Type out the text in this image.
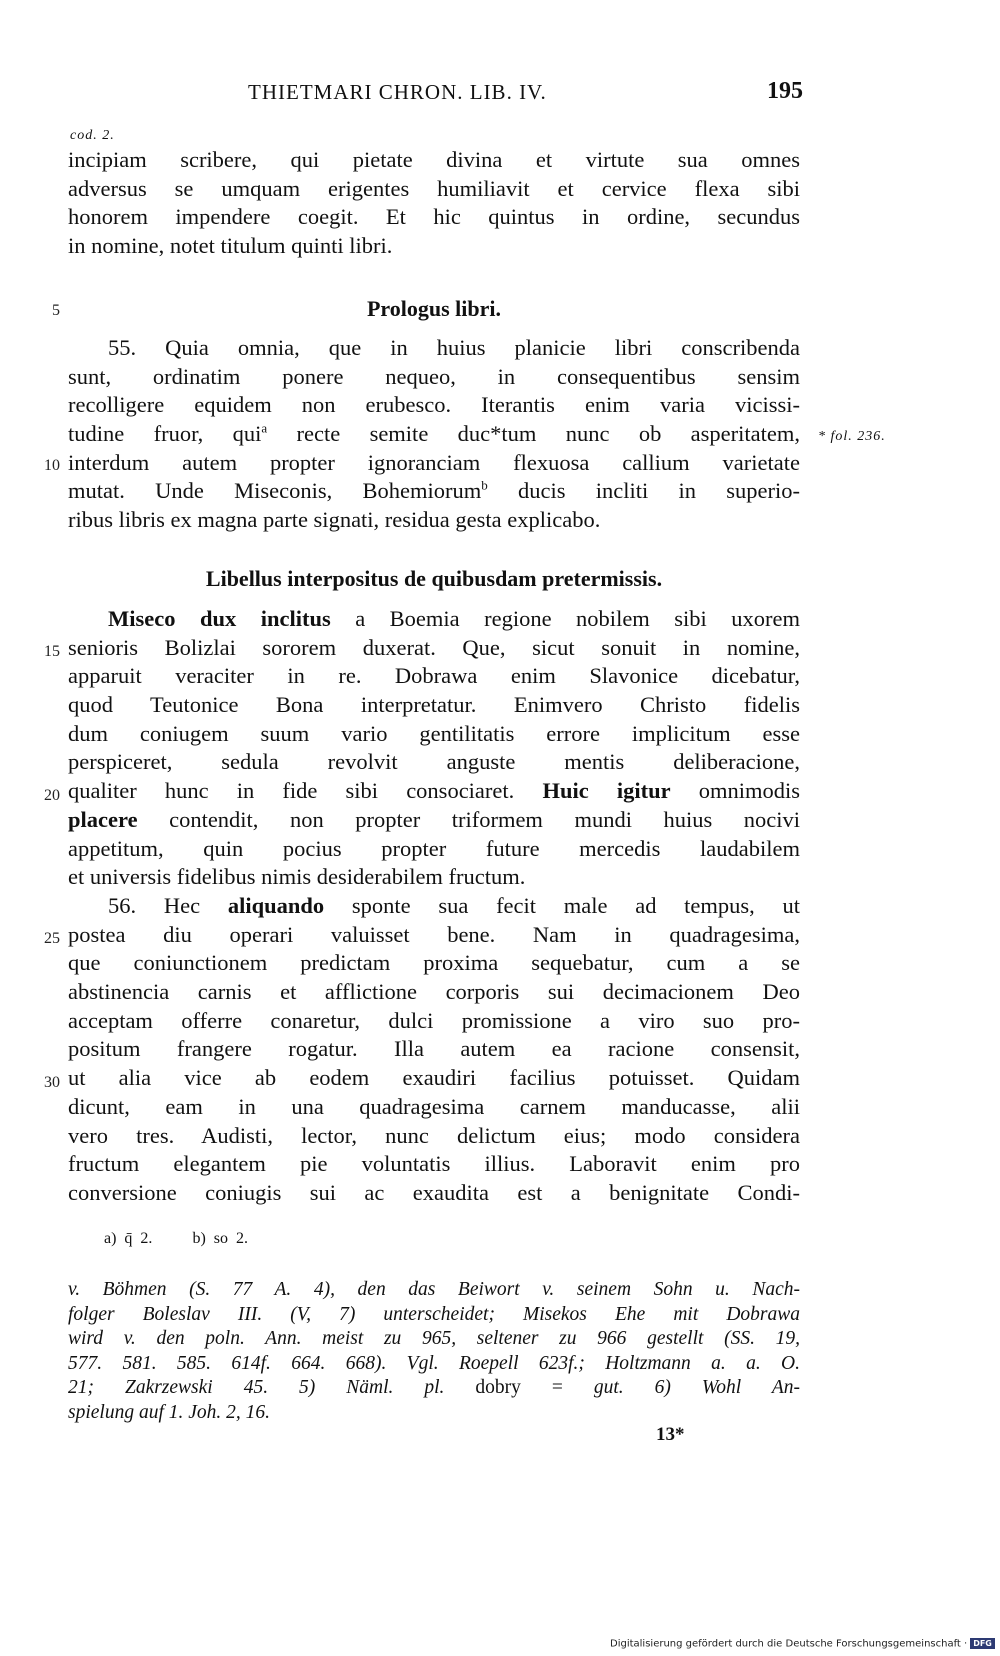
THIETMARI CHRON. LIB. IV.	195
cod. 2.
incipiam scribere, qui pietate divina et virtute sua omnes
adversus se umquam erigentes humiliavit et cervice flexa sibi
honorem impendere coegit. Et hic quintus in ordine, secundus
in nomine, notet titulum quinti libri.
5	Prologus libri.
55. Quia omnia, que in huius planicie libri conscribenda
sunt, ordinatim ponere nequeo, in consequentibus sensim
recolligere equidem non erubesco. Iterantis enim varia vicissi-
tudine fruor, qui$^a$ recte semite duc*tum nunc ob asperitatem,
interdum autem propter ignoranciam flexuosa callium varietate
mutat. Unde Miseconis, Bohemiorum$^b$ ducis incliti in superio-
ribus libris ex magna parte signati, residua gesta explicabo.
10
* fol. 236.
Libellus interpositus de quibusdam pretermissis.
Miseco dux inclitus a Boemia regione nobilem sibi uxorem
senioris Bolizlai sororem duxerat. Que, sicut sonuit in nomine,
apparuit veraciter in re. Dobrawa enim Slavonice dicebatur,
quod Teutonice Bona interpretatur. Enimvero Christo fidelis
dum coniugem suum vario gentilitatis errore implicitum esse
perspiceret, sedula revolvit anguste mentis deliberacione,
qualiter hunc in fide sibi consociaret. Huic igitur omnimodis
placere contendit, non propter triformem mundi huius nocivi
appetitum, quin pocius propter future mercedis laudabilem
et universis fidelibus nimis desiderabilem fructum.
15
20
56. Hec aliquando sponte sua fecit male ad tempus, ut
postea diu operari valuisset bene. Nam in quadragesima,
que coniunctionem predictam proxima sequebatur, cum a se
abstinencia carnis et afflictione corporis sui decimacionem Deo
acceptam offerre conaretur, dulci promissione a viro suo pro-
positum frangere rogatur. Illa autem ea racione consensit,
ut alia vice ab eodem exaudiri facilius potuisset. Quidam
dicunt, eam in una quadragesima carnem manducasse, alii
vero tres. Audisti, lector, nunc delictum eius; modo considera
fructum elegantem pie voluntatis illius. Laboravit enim pro
conversione coniugis sui ac exaudita est a benignitate Condi-
25
30
a) q̄ 2.	b) so 2.
v. Böhmen (S. 77 A. 4), den das Beiwort v. seinem Sohn u. Nach-
folger Boleslav III. (V, 7) unterscheidet; Misekos Ehe mit Dobrawa
wird v. den poln. Ann. meist zu 965, seltener zu 966 gestellt (SS. 19,
577. 581. 585. 614f. 664. 668). Vgl. Roepell 623f.; Holtzmann a. a. O.
21; Zakrzewski 45. 5) Näml. pl. dobry = gut. 6) Wohl An-
spielung auf 1. Joh. 2, 16.
13*
Digitalisierung gefördert durch die Deutsche Forschungsgemeinschaft · DFG
